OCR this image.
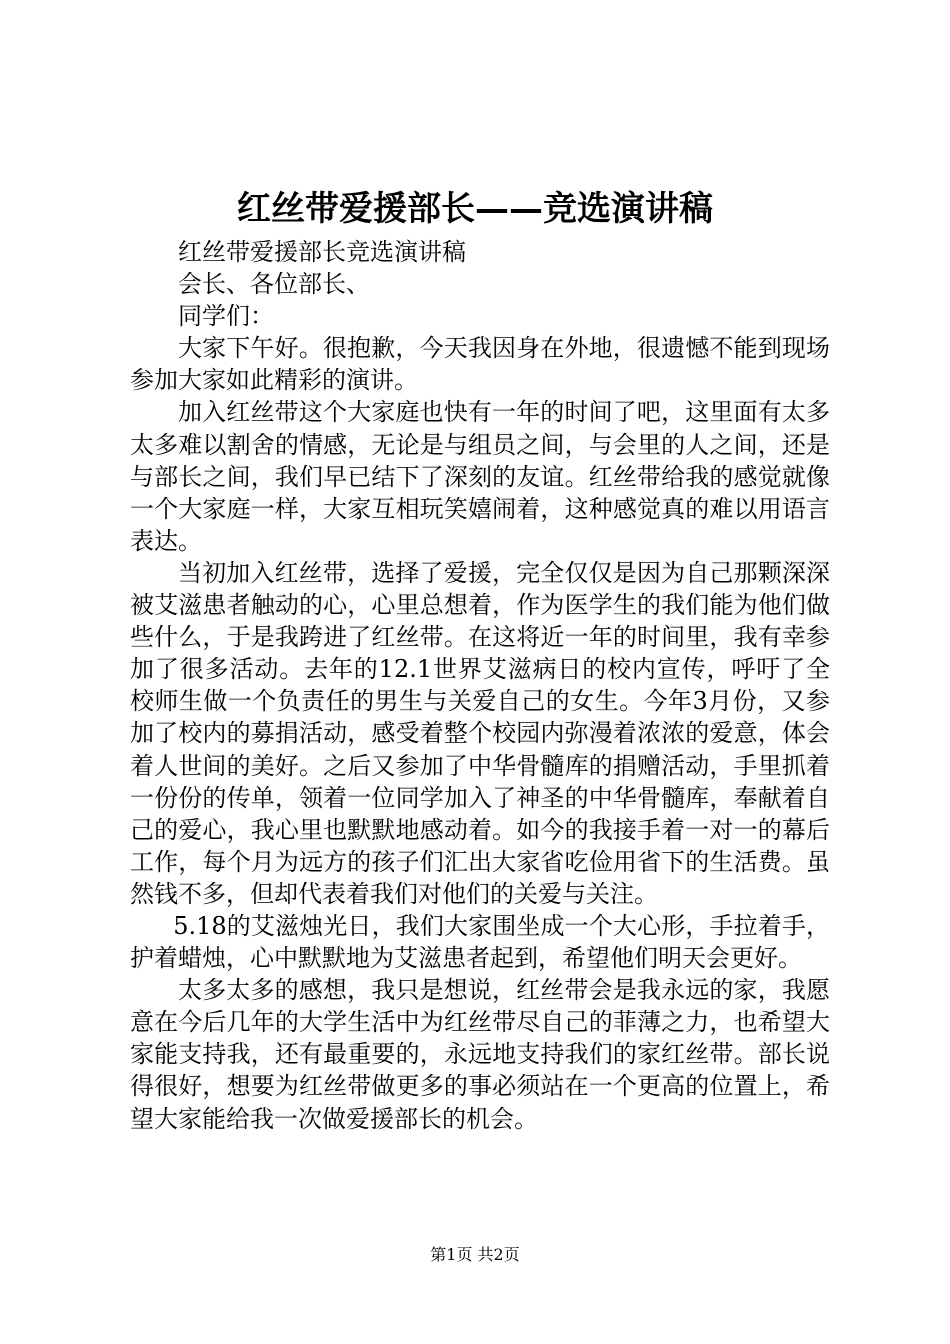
红丝带爱援部长——竞选演讲稿

红丝带爱援部长竞选演讲稿

会长、各位部长、

同学们：

大家下午好。很抱歉，今天我因身在外地，很遗憾不能到现场参加大家如此精彩的演讲。

加入红丝带这个大家庭也快有一年的时间了吧，这里面有太多太多难以割舍的情感，无论是与组员之间，与会里的人之间，还是与部长之间，我们早已结下了深刻的友谊。红丝带给我的感觉就像一个大家庭一样，大家互相玩笑嬉闹着，这种感觉真的难以用语言表达。

当初加入红丝带，选择了爱援，完全仅仅是因为自己那颗深深被艾滋患者触动的心，心里总想着，作为医学生的我们能为他们做些什么，于是我跨进了红丝带。在这将近一年的时间里，我有幸参加了很多活动。去年的12.1世界艾滋病日的校内宣传，呼吁了全校师生做一个负责任的男生与关爱自己的女生。今年3月份，又参加了校内的募捐活动，感受着整个校园内弥漫着浓浓的爱意，体会着人世间的美好。之后又参加了中华骨髓库的捐赠活动，手里抓着一份份的传单，领着一位同学加入了神圣的中华骨髓库，奉献着自己的爱心，我心里也默默地感动着。如今的我接手着一对一的幕后工作，每个月为远方的孩子们汇出大家省吃俭用省下的生活费。虽然钱不多，但却代表着我们对他们的关爱与关注。

5.18的艾滋烛光日，我们大家围坐成一个大心形，手拉着手，护着蜡烛，心中默默地为艾滋患者起到，希望他们明天会更好。

太多太多的感想，我只是想说，红丝带会是我永远的家，我愿意在今后几年的大学生活中为红丝带尽自己的菲薄之力，也希望大家能支持我，还有最重要的，永远地支持我们的家红丝带。部长说得很好，想要为红丝带做更多的事必须站在一个更高的位置上，希望大家能给我一次做爱援部长的机会。

第1页 共2页
